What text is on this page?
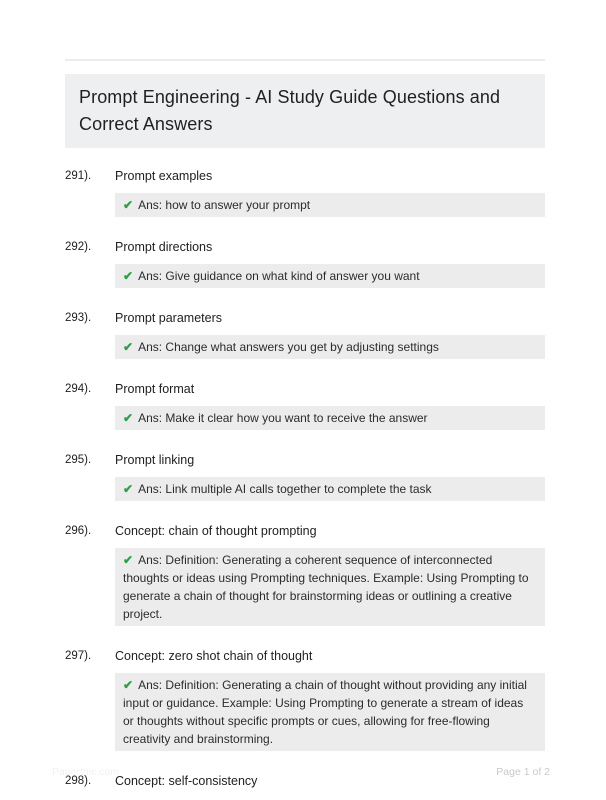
Prompt Engineering - AI Study Guide Questions and Correct Answers
291).	Prompt examples
✔ Ans: how to answer your prompt
292).	Prompt directions
✔ Ans: Give guidance on what kind of answer you want
293).	Prompt parameters
✔ Ans: Change what answers you get by adjusting settings
294).	Prompt format
✔ Ans: Make it clear how you want to receive the answer
295).	Prompt linking
✔ Ans: Link multiple AI calls together to complete the task
296).	Concept: chain of thought prompting
✔ Ans: Definition: Generating a coherent sequence of interconnected thoughts or ideas using Prompting techniques. Example: Using Prompting to generate a chain of thought for brainstorming ideas or outlining a creative project.
297).	Concept: zero shot chain of thought
✔ Ans: Definition: Generating a chain of thought without providing any initial input or guidance. Example: Using Prompting to generate a stream of ideas or thoughts without specific prompts or cues, allowing for free-flowing creativity and brainstorming.
298).	Concept: self-consistency
Paperthic.com	Page 1 of 2
